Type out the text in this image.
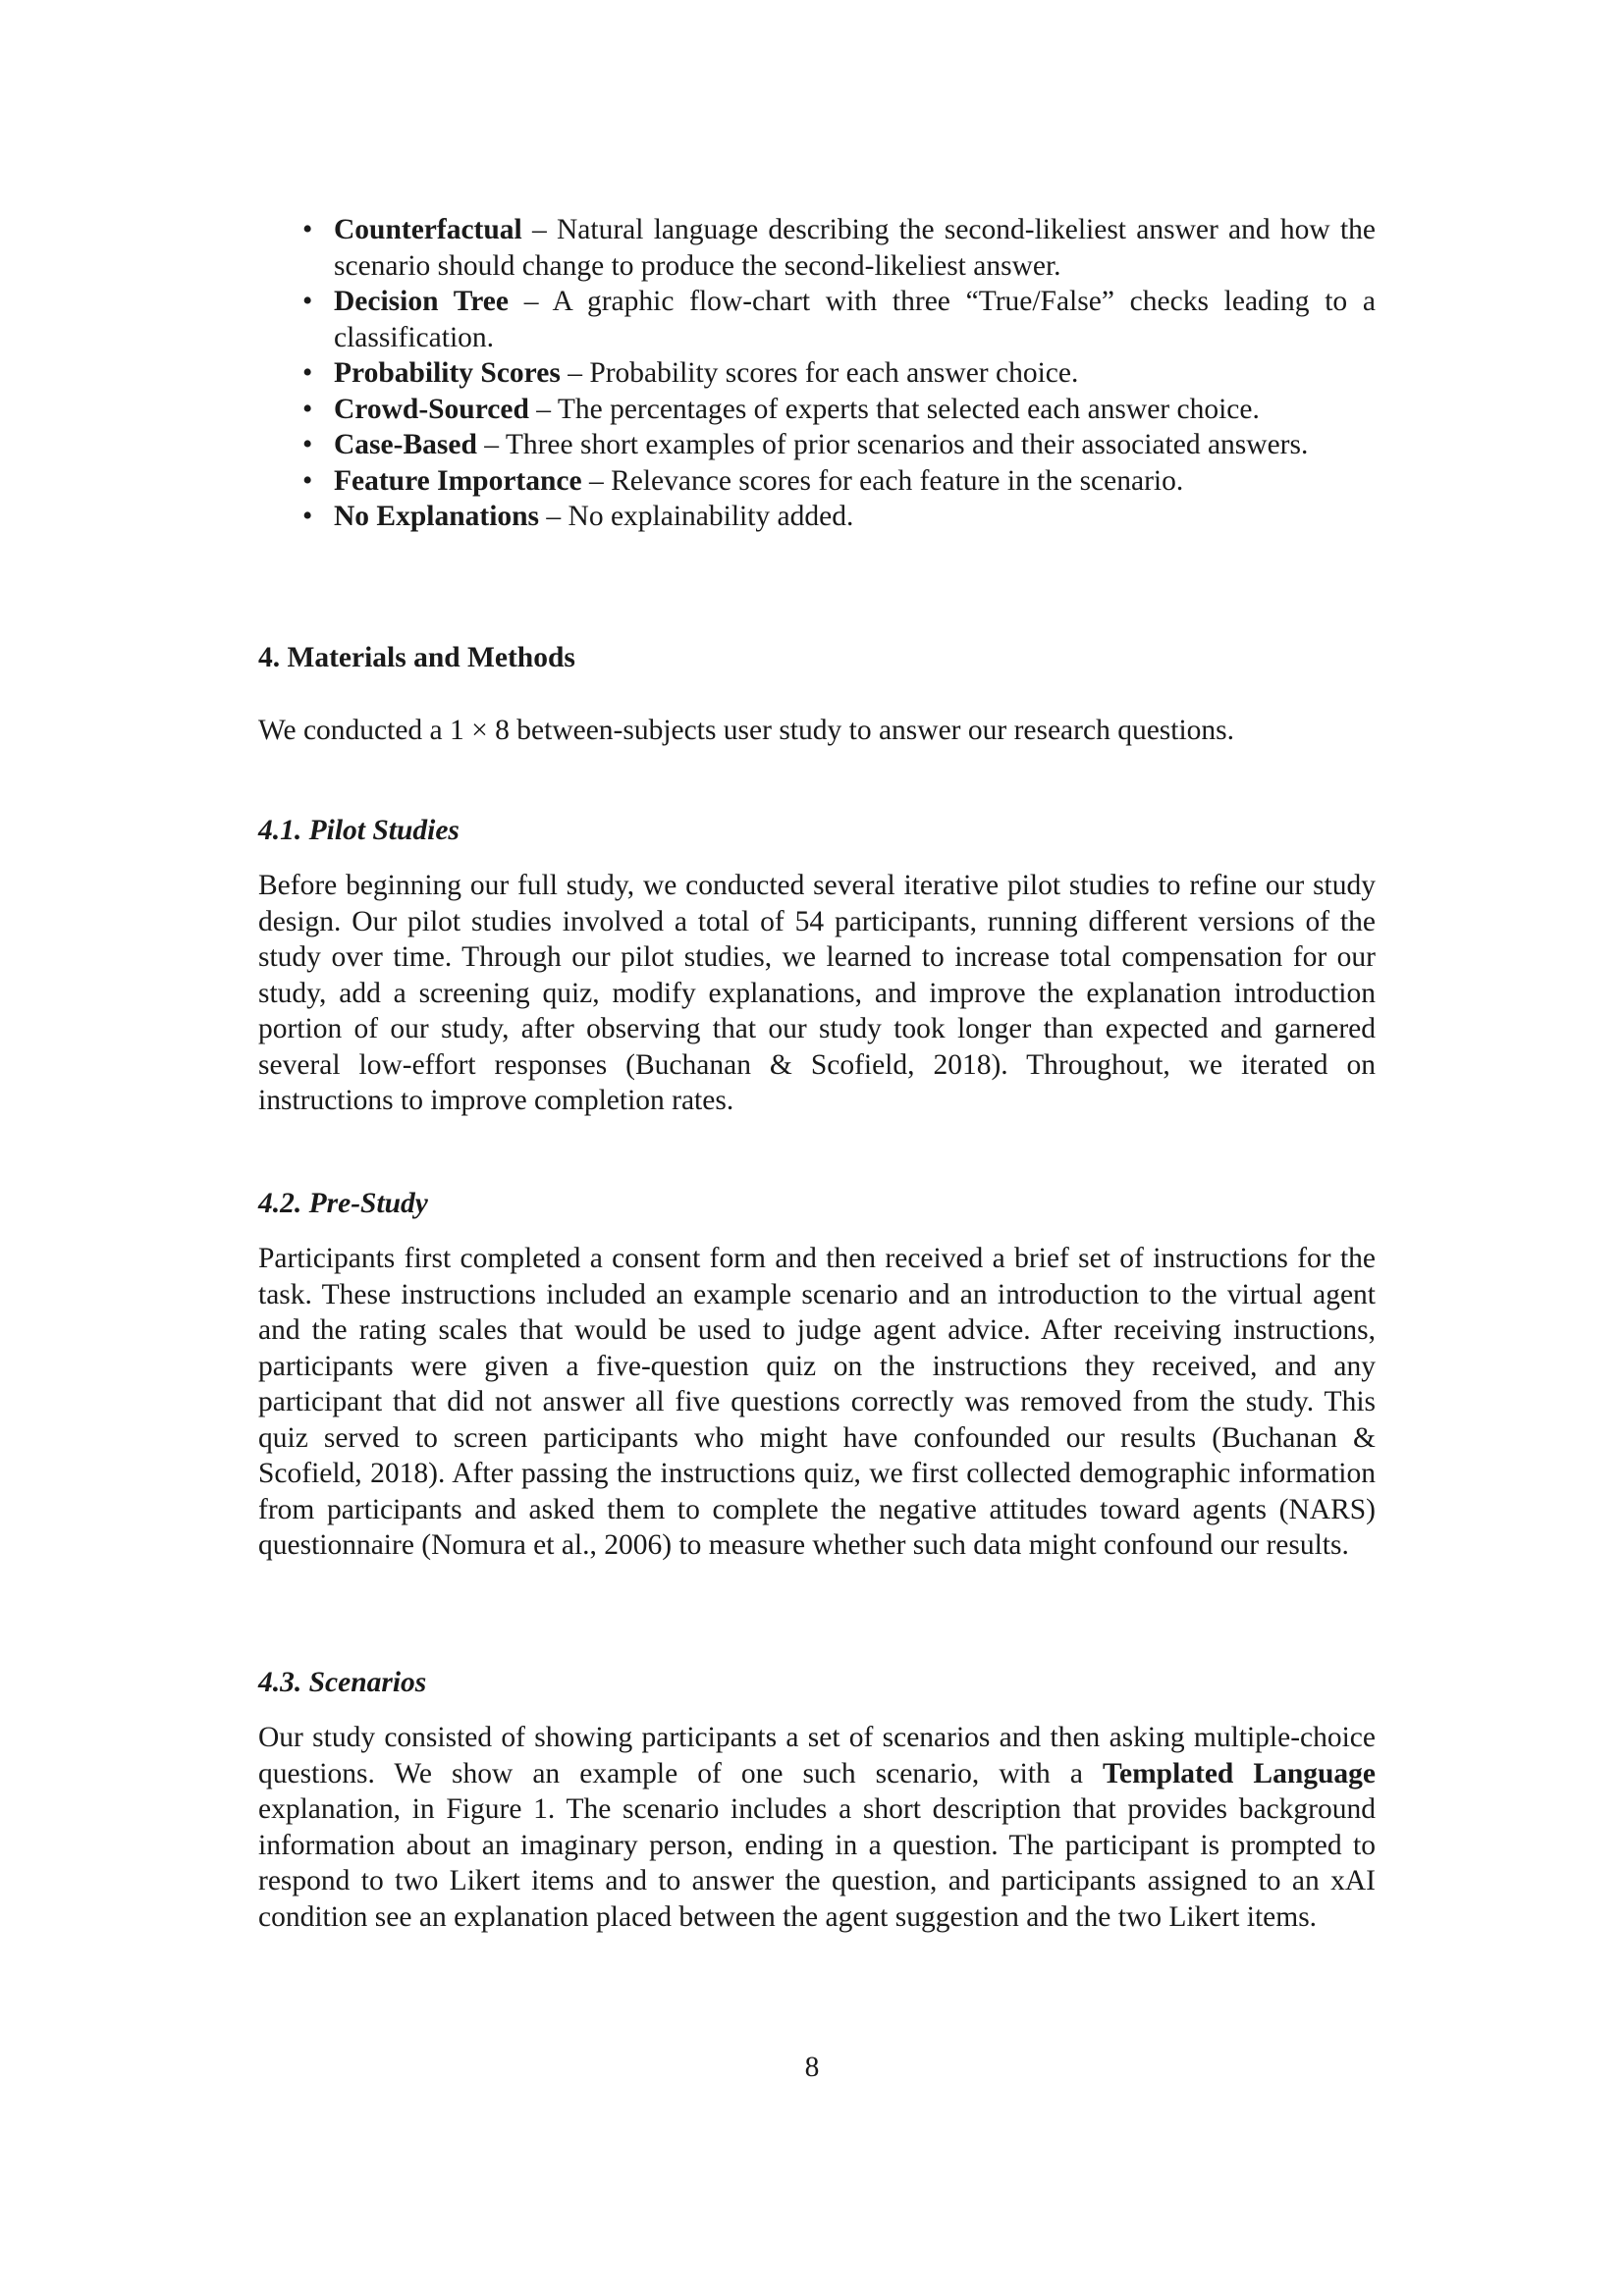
• Counterfactual – Natural language describing the second-likeliest answer and how the scenario should change to produce the second-likeliest answer.
• Decision Tree – A graphic flow-chart with three “True/False” checks leading to a classification.
• Probability Scores – Probability scores for each answer choice.
• Crowd-Sourced – The percentages of experts that selected each answer choice.
• Case-Based – Three short examples of prior scenarios and their associated answers.
• Feature Importance – Relevance scores for each feature in the scenario.
• No Explanations – No explainability added.
4. Materials and Methods

We conducted a 1 × 8 between-subjects user study to answer our research questions.

4.1. Pilot Studies

Before beginning our full study, we conducted several iterative pilot studies to refine our study design. Our pilot studies involved a total of 54 participants, running different versions of the study over time. Through our pilot studies, we learned to increase total compensation for our study, add a screening quiz, modify explanations, and improve the explanation introduction portion of our study, after observing that our study took longer than expected and garnered several low-effort responses (Buchanan & Scofield, 2018). Throughout, we iterated on instructions to improve completion rates.

4.2. Pre-Study

Participants first completed a consent form and then received a brief set of instructions for the task. These instructions included an example scenario and an introduction to the virtual agent and the rating scales that would be used to judge agent advice. After receiving instructions, participants were given a five-question quiz on the instructions they received, and any participant that did not answer all five questions correctly was removed from the study. This quiz served to screen participants who might have confounded our results (Buchanan & Scofield, 2018). After passing the instructions quiz, we first collected demographic information from participants and asked them to complete the negative attitudes toward agents (NARS) questionnaire (Nomura et al., 2006) to measure whether such data might confound our results.

4.3. Scenarios

Our study consisted of showing participants a set of scenarios and then asking multiple-choice questions. We show an example of one such scenario, with a Templated Language explanation, in Figure 1. The scenario includes a short description that provides background information about an imaginary person, ending in a question. The participant is prompted to respond to two Likert items and to answer the question, and participants assigned to an xAI condition see an explanation placed between the agent suggestion and the two Likert items.

8
